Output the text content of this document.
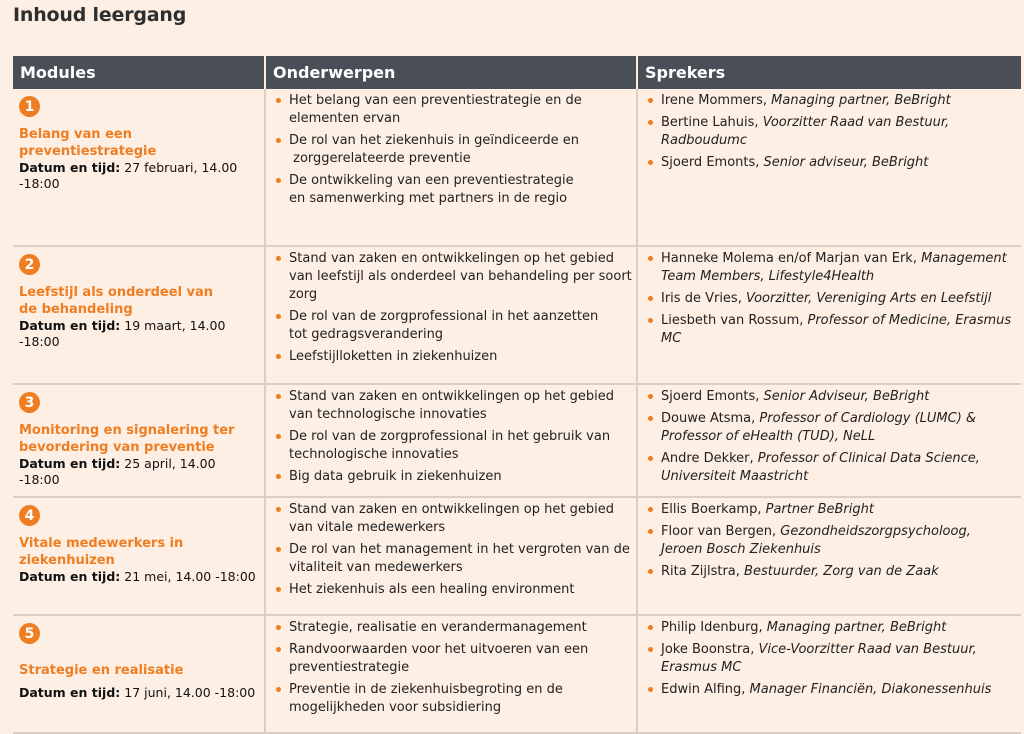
Inhoud leergang
Modules	Onderwerpen	Sprekers
1
Belang van een
preventiestrategie
Datum en tijd: 27 februari, 14.00 -18:00
Het belang van een preventiestrategie en de
elementen ervan
De rol van het ziekenhuis in geïndiceerde en
zorggerelateerde preventie
De ontwikkeling van een preventiestrategie
en samenwerking met partners in de regio
Irene Mommers, Managing partner, BeBright
Bertine Lahuis, Voorzitter Raad van Bestuur, Radboudumc
Sjoerd Emonts, Senior adviseur, BeBright
2
Leefstijl als onderdeel van
de behandeling
Datum en tijd: 19 maart, 14.00 -18:00
Stand van zaken en ontwikkelingen op het gebied
van leefstijl als onderdeel van behandeling per soort
zorg
De rol van de zorgprofessional in het aanzetten
tot gedragsverandering
Leefstijlloketten in ziekenhuizen
Hanneke Molema en/of Marjan van Erk, Management Team Members, Lifestyle4Health
Iris de Vries, Voorzitter, Vereniging Arts en Leefstijl
Liesbeth van Rossum, Professor of Medicine, Erasmus MC
3
Monitoring en signalering ter
bevordering van preventie
Datum en tijd: 25 april, 14.00 -18:00
Stand van zaken en ontwikkelingen op het gebied
van technologische innovaties
De rol van de zorgprofessional in het gebruik van
technologische innovaties
Big data gebruik in ziekenhuizen
Sjoerd Emonts, Senior Adviseur, BeBright
Douwe Atsma, Professor of Cardiology (LUMC) & Professor of eHealth (TUD), NeLL
Andre Dekker, Professor of Clinical Data Science, Universiteit Maastricht
4
Vitale medewerkers in
ziekenhuizen
Datum en tijd: 21 mei, 14.00 -18:00
Stand van zaken en ontwikkelingen op het gebied
van vitale medewerkers
De rol van het management in het vergroten van de
vitaliteit van medewerkers
Het ziekenhuis als een healing environment
Ellis Boerkamp, Partner BeBright
Floor van Bergen, Gezondheidszorgpsycholoog, Jeroen Bosch Ziekenhuis
Rita Zijlstra, Bestuurder, Zorg van de Zaak
5
Strategie en realisatie
Datum en tijd: 17 juni, 14.00 -18:00
Strategie, realisatie en verandermanagement
Randvoorwaarden voor het uitvoeren van een
preventiestrategie
Preventie in de ziekenhuisbegroting en de
mogelijkheden voor subsidiering
Philip Idenburg, Managing partner, BeBright
Joke Boonstra, Vice-Voorzitter Raad van Bestuur, Erasmus MC
Edwin Alfing, Manager Financiën, Diakonessenhuis
